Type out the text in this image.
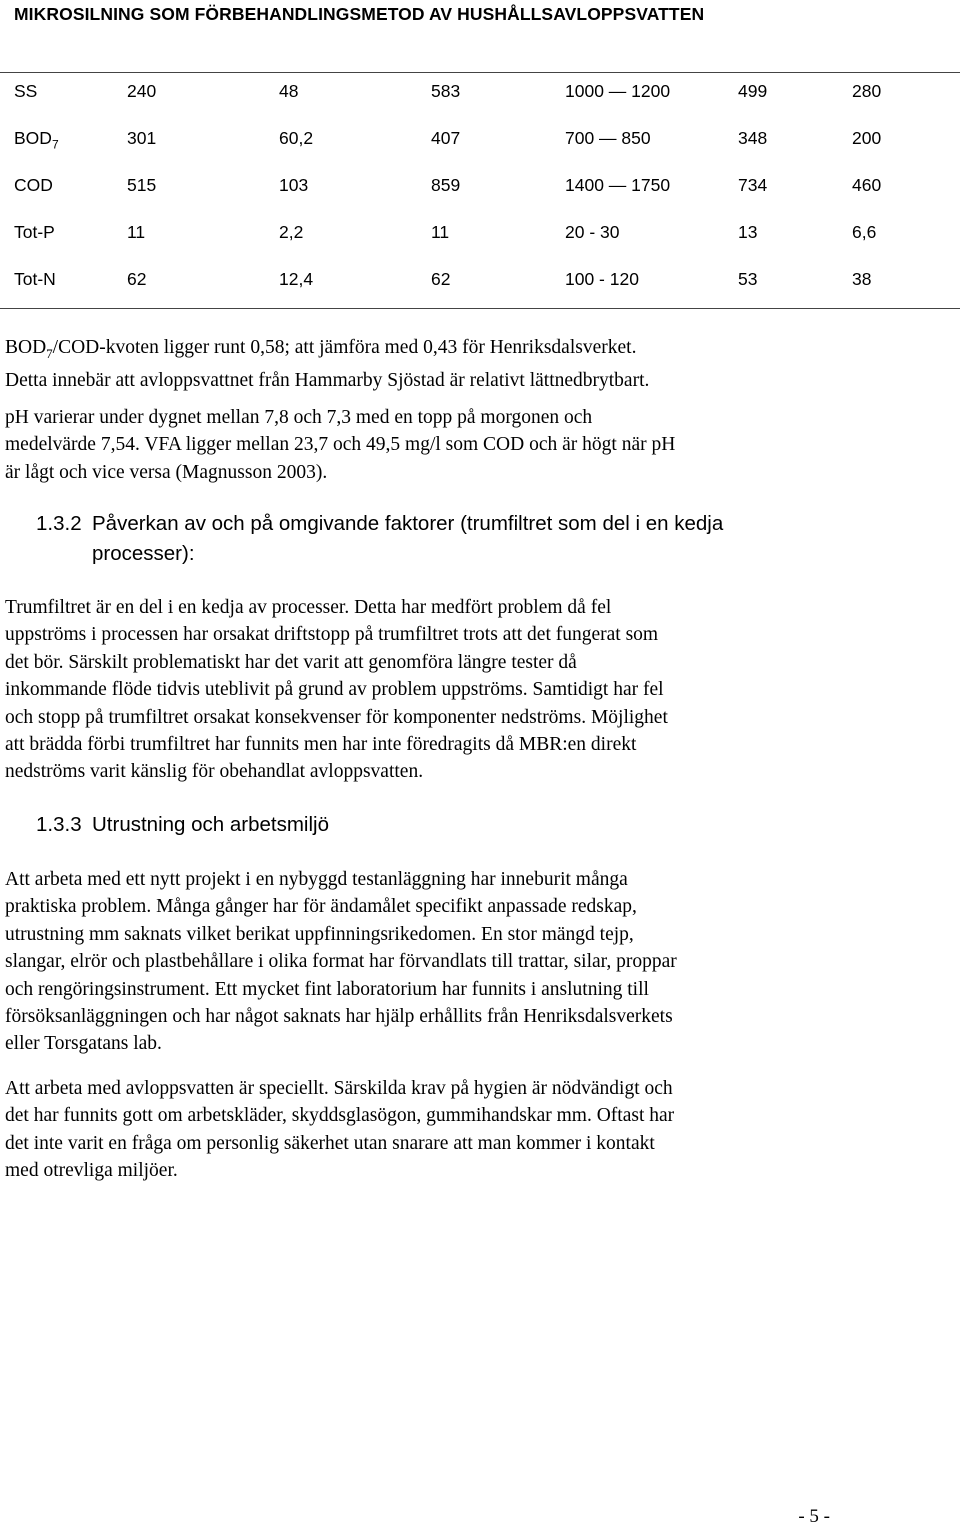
MIKROSILNING SOM FÖRBEHANDLINGSMETOD AV HUSHÅLLSAVLOPPSVATTEN
SS	240	48	583	1000 — 1200	499	280
$BOD_7$	301	60,2	407	700 — 850	348	200
COD	515	103	859	1400 — 1750	734	460
Tot-P	11	2,2	11	20 - 30	13	6,6
Tot-N	62	12,4	62	100 - 120	53	38
$BOD_7/COD$-kvoten ligger runt 0,58; att jämföra med 0,43 för Henriksdalsverket.
Detta innebär att avloppsvattnet från Hammarby Sjöstad är relativt lättnedbrytbart.
pH varierar under dygnet mellan 7,8 och 7,3 med en topp på morgonen och
medelvärde 7,54. VFA ligger mellan 23,7 och 49,5 mg/l som COD och är högt när pH
är lågt och vice versa (Magnusson 2003).
1.3.2 Påverkan av och på omgivande faktorer (trumfiltret som del i en kedja
processer):
Trumfiltret är en del i en kedja av processer. Detta har medfört problem då fel
uppströms i processen har orsakat driftstopp på trumfiltret trots att det fungerat som
det bör. Särskilt problematiskt har det varit att genomföra längre tester då
inkommande flöde tidvis uteblivit på grund av problem uppströms. Samtidigt har fel
och stopp på trumfiltret orsakat konsekvenser för komponenter nedströms. Möjlighet
att brädda förbi trumfiltret har funnits men har inte föredragits då MBR:en direkt
nedströms varit känslig för obehandlat avloppsvatten.
1.3.3 Utrustning och arbetsmiljö
Att arbeta med ett nytt projekt i en nybyggd testanläggning har inneburit många
praktiska problem. Många gånger har för ändamålet specifikt anpassade redskap,
utrustning mm saknats vilket berikat uppfinningsrikedomen. En stor mängd tejp,
slangar, elrör och plastbehållare i olika format har förvandlats till trattar, silar, proppar
och rengöringsinstrument. Ett mycket fint laboratorium har funnits i anslutning till
försöksanläggningen och har något saknats har hjälp erhållits från Henriksdalsverkets
eller Torsgatans lab.
Att arbeta med avloppsvatten är speciellt. Särskilda krav på hygien är nödvändigt och
det har funnits gott om arbetskläder, skyddsglasögon, gummihandskar mm. Oftast har
det inte varit en fråga om personlig säkerhet utan snarare att man kommer i kontakt
med otrevliga miljöer.
- 5 -
